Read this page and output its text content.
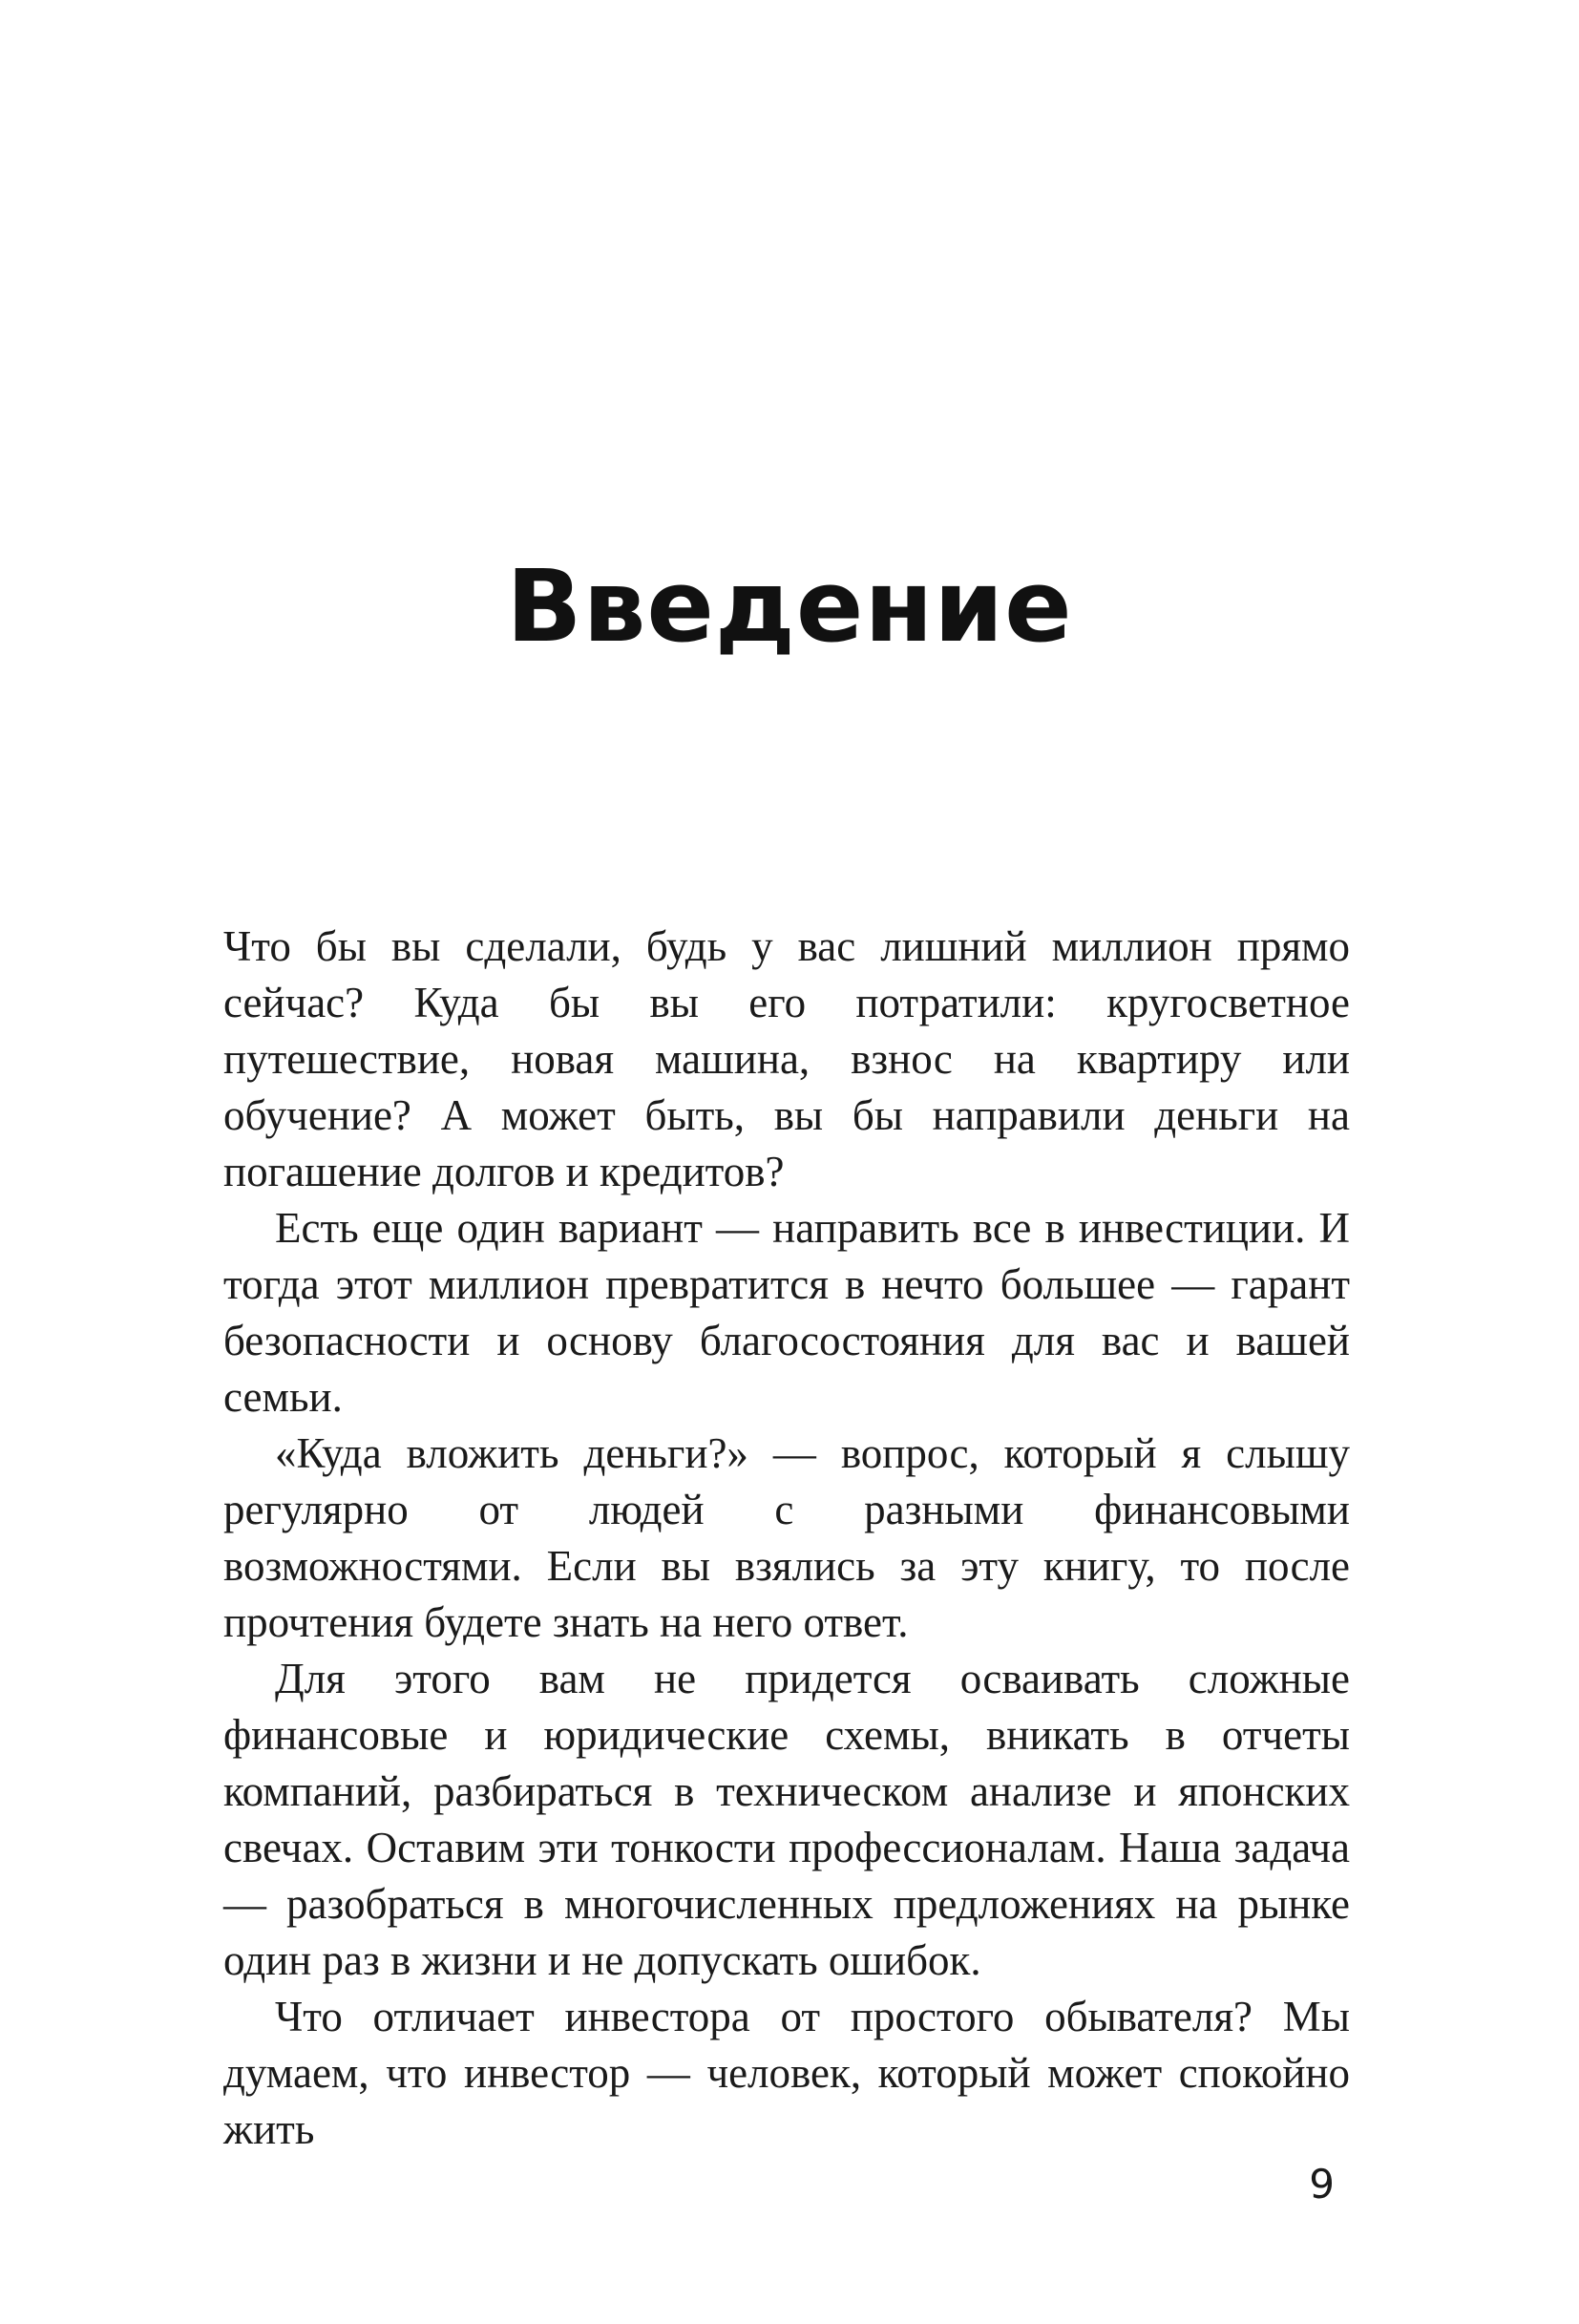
Введение

Что бы вы сделали, будь у вас лишний миллион прямо сейчас? Куда бы вы его потратили: кругосветное путешествие, новая машина, взнос на квартиру или обучение? А может быть, вы бы направили деньги на погашение долгов и кредитов?

Есть еще один вариант — направить все в инвестиции. И тогда этот миллион превратится в нечто большее — гарант безопасности и основу благосостояния для вас и вашей семьи.

«Куда вложить деньги?» — вопрос, который я слышу регулярно от людей с разными финансовыми возможностями. Если вы взялись за эту книгу, то после прочтения будете знать на него ответ.

Для этого вам не придется осваивать сложные финансовые и юридические схемы, вникать в отчеты компаний, разбираться в техническом анализе и японских свечах. Оставим эти тонкости профессионалам. Наша задача — разобраться в многочисленных предложениях на рынке один раз в жизни и не допускать ошибок.

Что отличает инвестора от простого обывателя? Мы думаем, что инвестор — человек, который может спокойно жить

9
